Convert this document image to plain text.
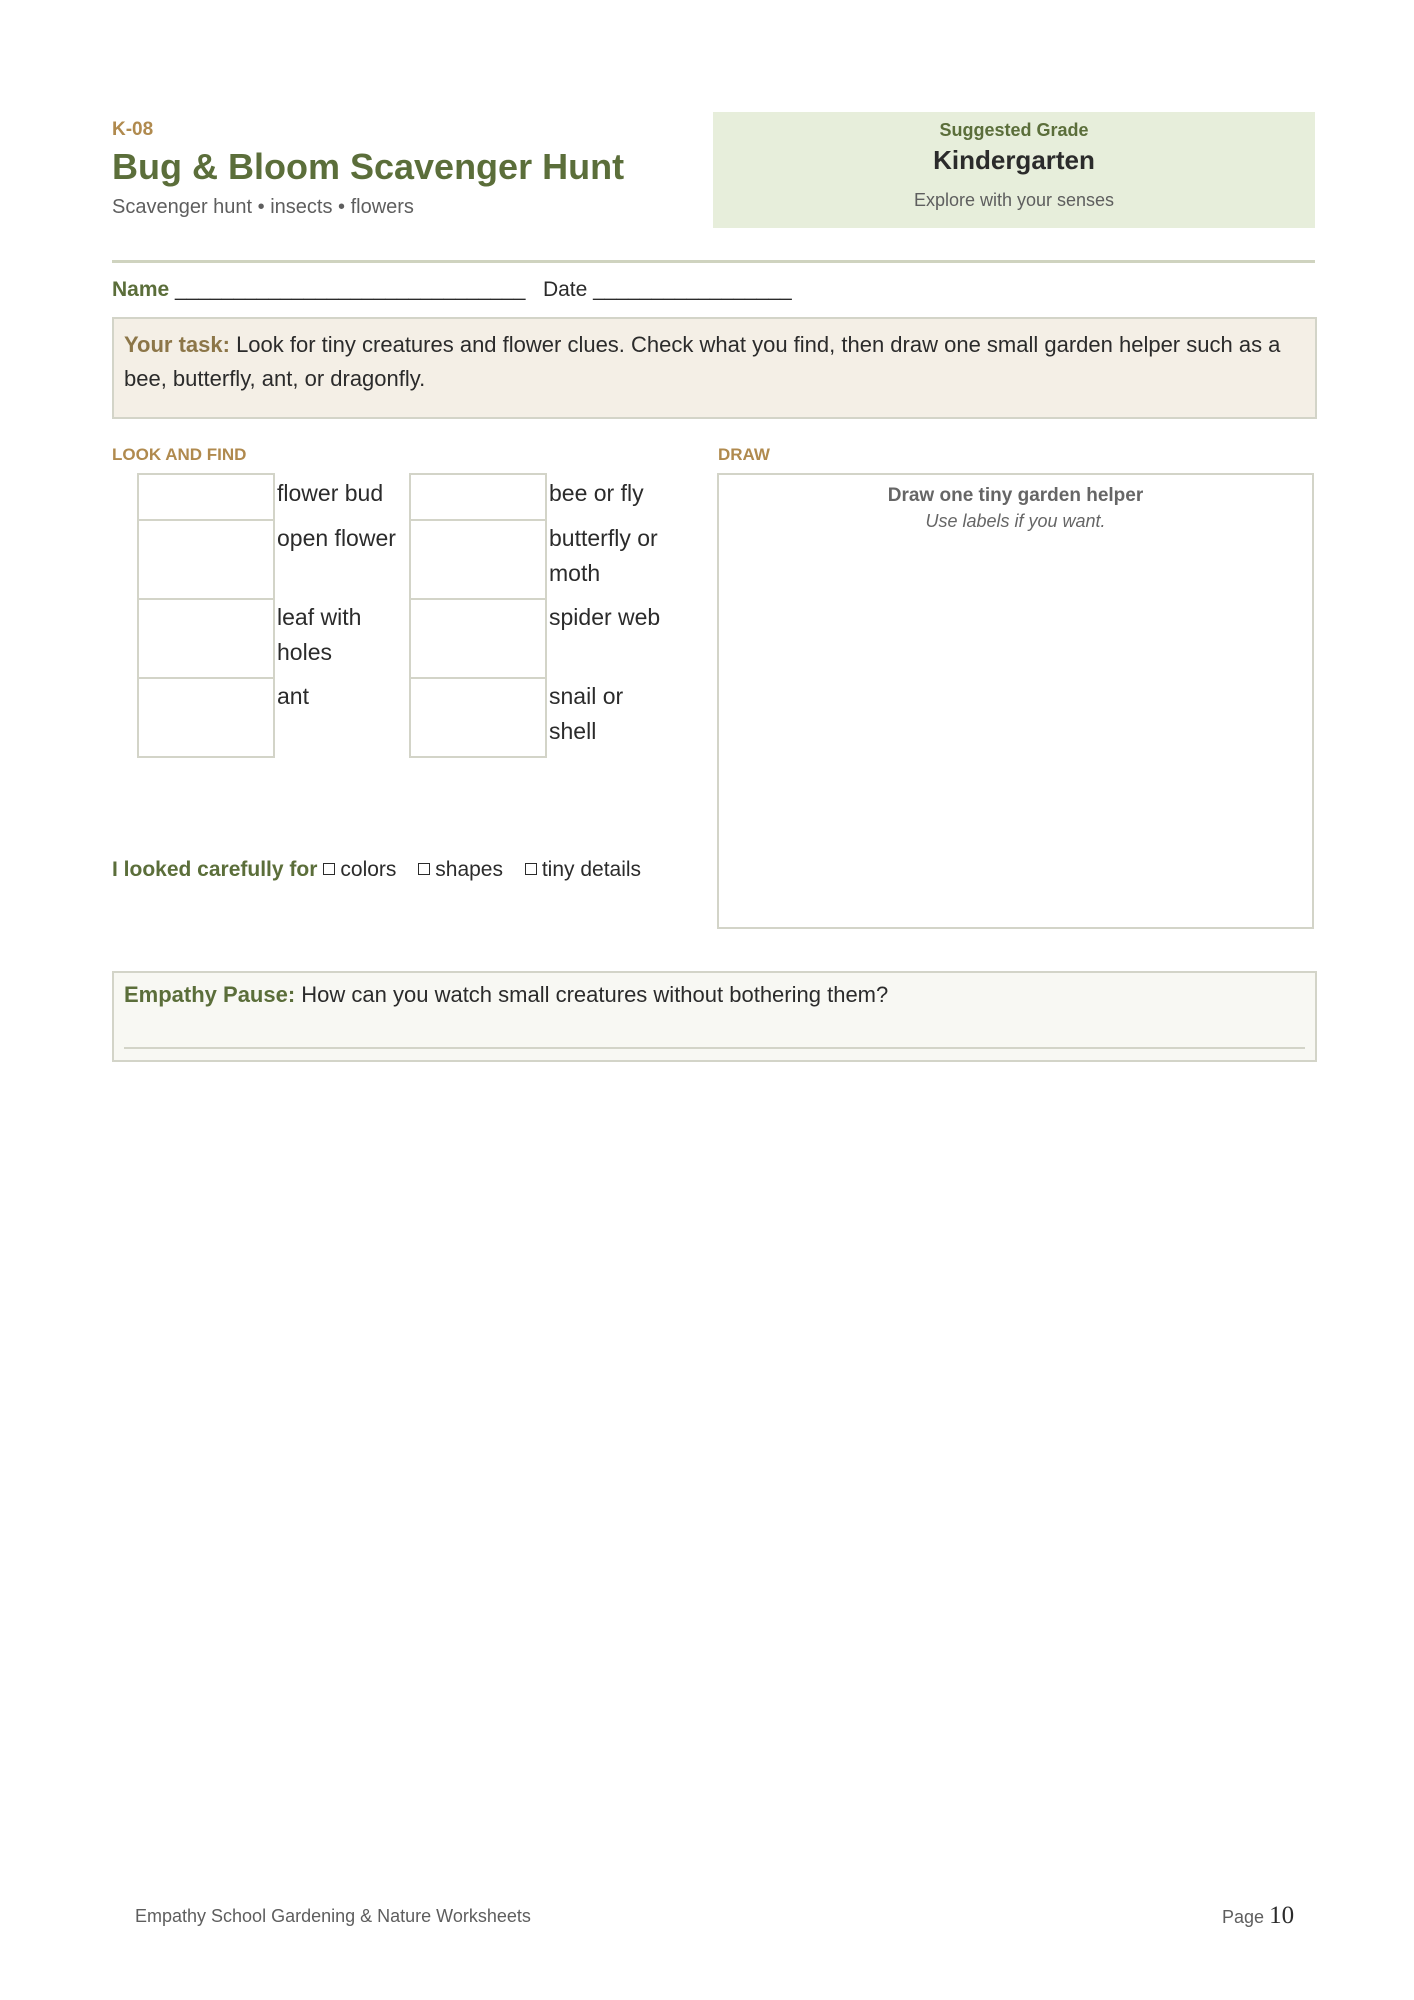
K-08
Bug & Bloom Scavenger Hunt
Scavenger hunt • insects • flowers
Suggested Grade
Kindergarten
Explore with your senses
Name ______________________________ Date _________________
Your task: Look for tiny creatures and flower clues. Check what you find, then draw one small garden helper such as a bee, butterfly, ant, or dragonfly.
LOOK AND FIND	DRAW
flower bud
open flower
leaf with holes
ant
bee or fly
butterfly or moth
spider web
snail or shell
Draw one tiny garden helper
Use labels if you want.
I looked carefully for colors shapes tiny details
Empathy Pause: How can you watch small creatures without bothering them?
Empathy School Gardening & Nature Worksheets	Page 10
